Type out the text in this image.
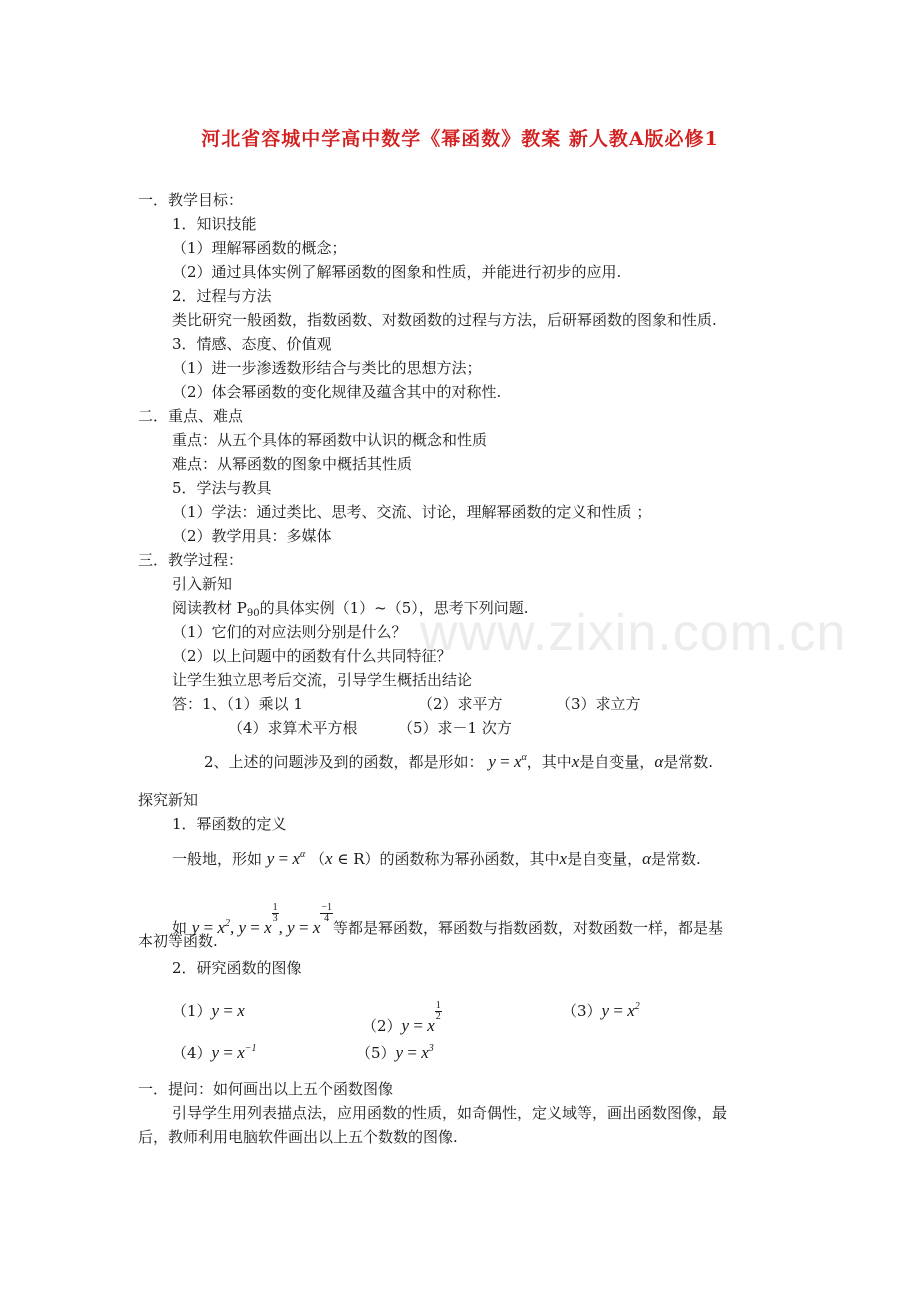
www.zixin.com.cn
河北省容城中学高中数学《幂函数》教案 新人教A版必修1
一．教学目标：
1．知识技能
（1）理解幂函数的概念；
（2）通过具体实例了解幂函数的图象和性质，并能进行初步的应用.
2．过程与方法
类比研究一般函数，指数函数、对数函数的过程与方法，后研幂函数的图象和性质.
3．情感、态度、价值观
（1）进一步渗透数形结合与类比的思想方法；
（2）体会幂函数的变化规律及蕴含其中的对称性.
二．重点、难点
重点：从五个具体的幂函数中认识的概念和性质
难点：从幂函数的图象中概括其性质
5．学法与教具
（1）学法：通过类比、思考、交流、讨论，理解幂函数的定义和性质 ；
（2）教学用具：多媒体
三．教学过程：
引入新知
阅读教材 $P_{90}$的具体实例（1）~（5），思考下列问题.
（1）它们的对应法则分别是什么？
（2）以上问题中的函数有什么共同特征？
让学生独立思考后交流，引导学生概括出结论
答：1、（1）乘以 1	（2）求平方	（3）求立方
（4）求算术平方根	（5）求－1 次方
2、上述的问题涉及到的函数，都是形如： $y = x^\alpha$，其中x是自变量，α是常数.
探究新知
1．幂函数的定义
一般地，形如 $y = x^\alpha$ （x ∈ R）的函数称为幂孙函数，其中x是自变量，α是常数.
如 $y = x^2$, y = x
$\frac{1}{3}$
, y = x
$\frac{-1}{4}$
等都是幂函数，幂函数与指数函数，对数函数一样，都是基
本初等函数.
2．研究函数的图像
（1）y = x
（2）y = x
$\frac{1}{2}$	$(3)y = x^2$
$(4)y = x^{-1}$	$(5)y = x^3$
一．提问：如何画出以上五个函数图像
引导学生用列表描点法，应用函数的性质，如奇偶性，定义域等，画出函数图像，最
后，教师利用电脑软件画出以上五个数数的图像.
